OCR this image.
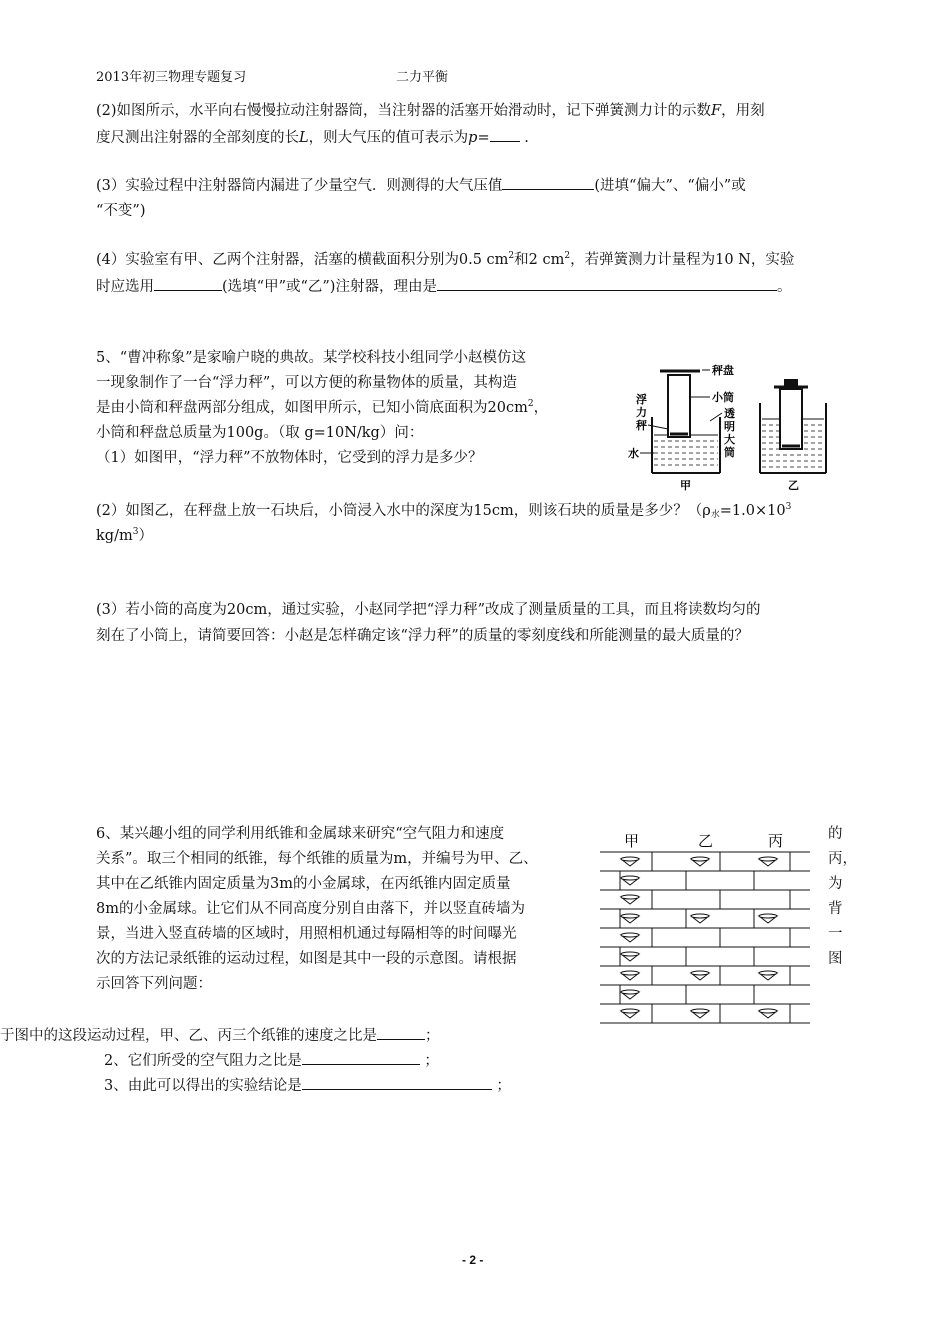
2013年初三物理专题复习	二力平衡
(2)如图所示，水平向右慢慢拉动注射器筒，当注射器的活塞开始滑动时，记下弹簧测力计的示数F，用刻
度尺测出注射器的全部刻度的长L，则大气压的值可表示为p= .
(3）实验过程中注射器筒内漏进了少量空气．则测得的大气压值	(进填“偏大”、“偏小”或
“不变”)
(4）实验室有甲、乙两个注射器，活塞的横截面积分别为0.5 $cm^2$和2 $cm^2$，若弹簧测力计量程为10 N，实验
时应选用	(选填“甲”或“乙”)注射器，理由是	。
5、“曹冲称象”是家喻户晓的典故。某学校科技小组同学小赵模仿这
一现象制作了一台“浮力秤”，可以方便的称量物体的质量，其构造
是由小筒和秤盘两部分组成，如图甲所示，已知小筒底面积为$20cm^2$，
小筒和秤盘总质量为100g。（取 g=10N/kg）问：
（1）如图甲，“浮力秤”不放物体时，它受到的浮力是多少？
秤盘
小筒
浮
力
秤
水
透
明
大
筒
甲	乙
(2）如图乙，在秤盘上放一石块后，小筒浸入水中的深度为15cm，则该石块的质量是多少？（$\rho_水=1.0\times 10^3$
$kg/m^3$）
(3）若小筒的高度为20cm，通过实验，小赵同学把“浮力秤”改成了测量质量的工具，而且将读数均匀的
刻在了小筒上，请简要回答：小赵是怎样确定该“浮力秤”的质量的零刻度线和所能测量的最大质量的？
6、某兴趣小组的同学利用纸锥和金属球来研究“空气阻力和速度
关系”。取三个相同的纸锥，每个纸锥的质量为m，并编号为甲、乙、
其中在乙纸锥内固定质量为3m的小金属球，在丙纸锥内固定质量
8m的小金属球。让它们从不同高度分别自由落下，并以竖直砖墙为
景，当进入竖直砖墙的区域时，用照相机通过每隔相等的时间曝光
次的方法记录纸锥的运动过程，如图是其中一段的示意图。请根据
示回答下列问题：
的
丙，
为
背
一
图
甲	乙	丙
于图中的这段运动过程，甲、乙、丙三个纸锥的速度之比是	；
2、它们所受的空气阻力之比是	；
3、由此可以得出的实验结论是	；
- 2 -
